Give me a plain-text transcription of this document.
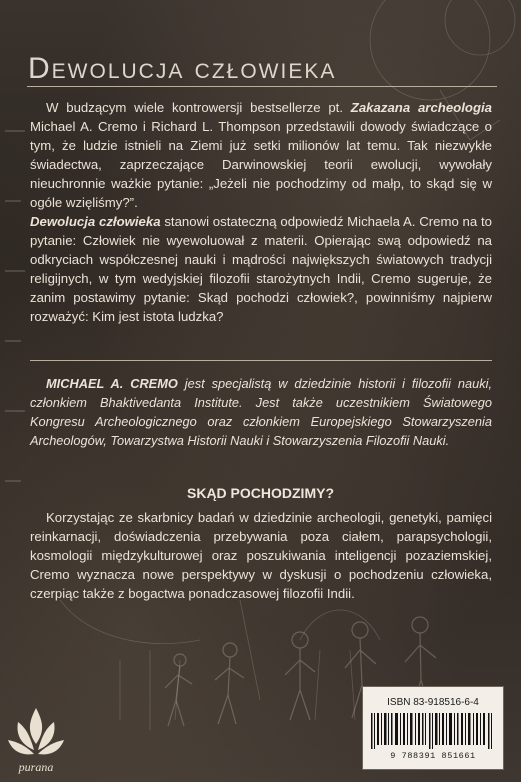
Dewolucja człowieka

W budzącym wiele kontrowersji bestsellerze pt. Zakazana archeologia Michael A. Cremo i Richard L. Thompson przedstawili dowody świadczące o tym, że ludzie istnieli na Ziemi już setki milionów lat temu. Tak niezwykłe świadectwa, zaprzeczające Darwinowskiej teorii ewolucji, wywołały nieuchronnie ważkie pytanie: „Jeżeli nie pochodzimy od małp, to skąd się w ogóle wzięliśmy?”.

Dewolucja człowieka stanowi ostateczną odpowiedź Michaela A. Cremo na to pytanie: Człowiek nie wyewoluował z materii. Opierając swą odpowiedź na odkryciach współczesnej nauki i mądrości największych światowych tradycji religijnych, w tym wedyjskiej filozofii starożytnych Indii, Cremo sugeruje, że zanim postawimy pytanie: Skąd pochodzi człowiek?, powinniśmy najpierw rozważyć: Kim jest istota ludzka?

MICHAEL A. CREMO jest specjalistą w dziedzinie historii i filozofii nauki, członkiem Bhaktivedanta Institute. Jest także uczestnikiem Światowego Kongresu Archeologicznego oraz członkiem Europejskiego Stowarzyszenia Archeologów, Towarzystwa Historii Nauki i Stowarzyszenia Filozofii Nauki.

SKĄD POCHODZIMY?

Korzystając ze skarbnicy badań w dziedzinie archeologii, genetyki, pamięci reinkarnacji, doświadczenia przebywania poza ciałem, parapsychologii, kosmologii międzykulturowej oraz poszukiwania inteligencji pozaziemskiej, Cremo wyznacza nowe perspektywy w dyskusji o pochodzeniu człowieka, czerpiąc także z bogactwa ponadczasowej filozofii Indii.

ISBN 83-918516-6-4
9 788391 851661
purana
